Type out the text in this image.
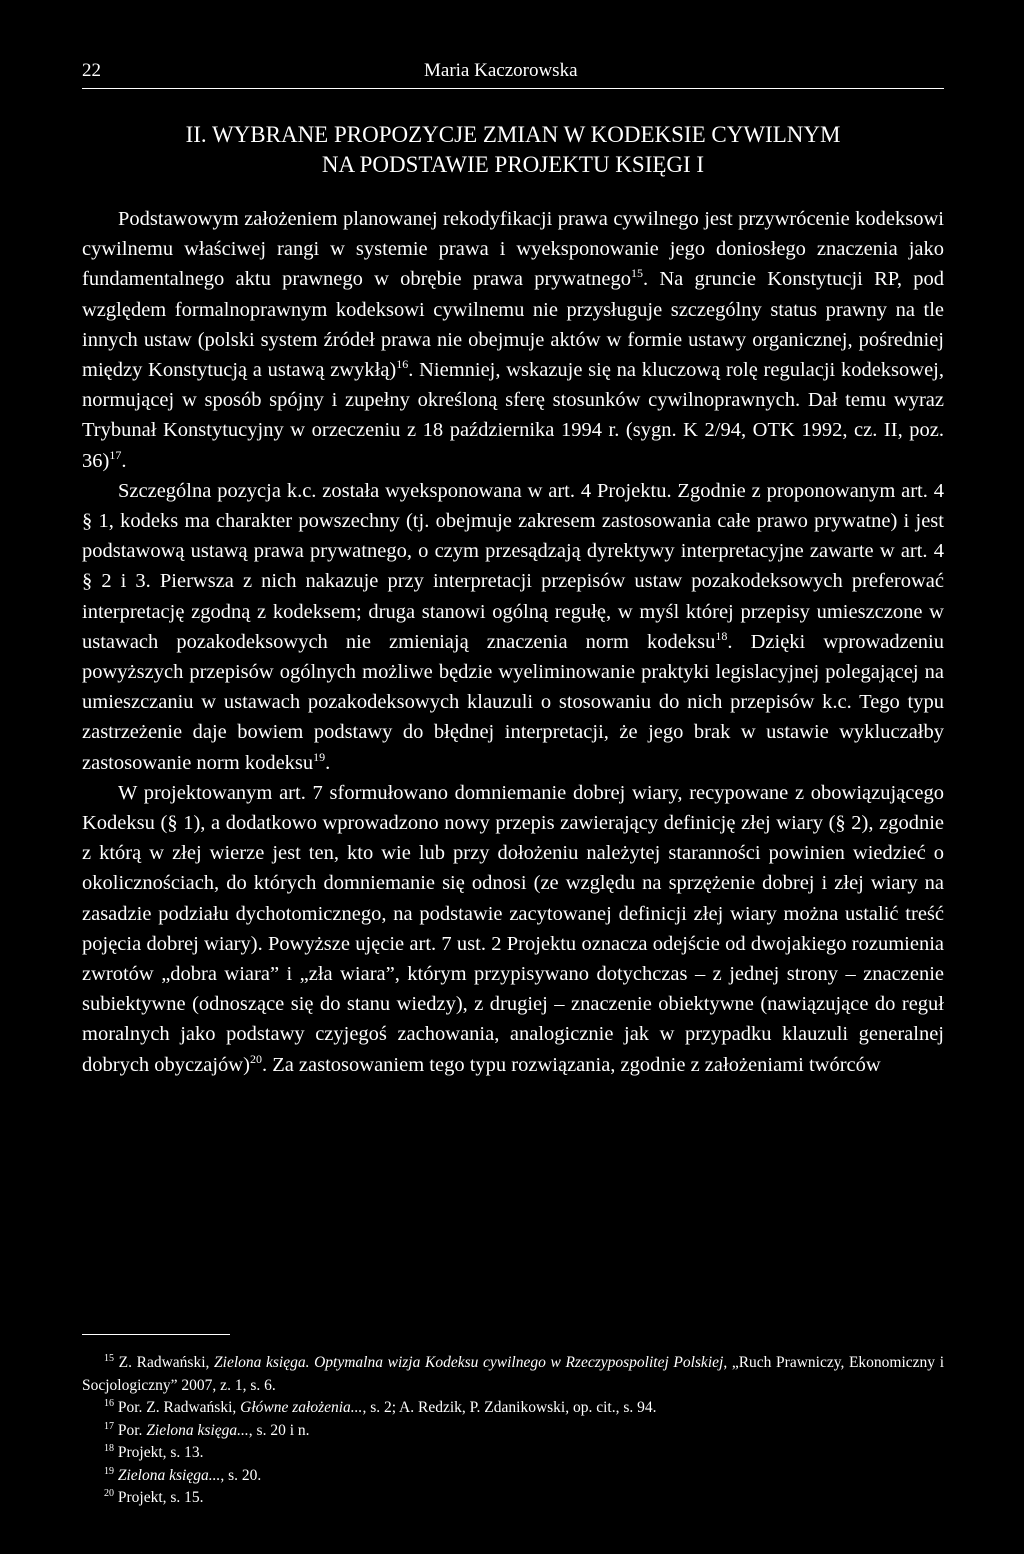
22	Maria Kaczorowska
II. WYBRANE PROPOZYCJE ZMIAN W KODEKSIE CYWILNYM
NA PODSTAWIE PROJEKTU KSIĘGI I

Podstawowym założeniem planowanej rekodyfikacji prawa cywilnego jest przywrócenie kodeksowi cywilnemu właściwej rangi w systemie prawa i wyeksponowanie jego doniosłego znaczenia jako fundamentalnego aktu prawnego w obrębie prawa prywatnego$^{15}$. Na gruncie Konstytucji RP, pod względem formalnoprawnym kodeksowi cywilnemu nie przysługuje szczególny status prawny na tle innych ustaw (polski system źródeł prawa nie obejmuje aktów w formie ustawy organicznej, pośredniej między Konstytucją a ustawą zwykłą)$^{16}$. Niemniej, wskazuje się na kluczową rolę regulacji kodeksowej, normującej w sposób spójny i zupełny określoną sferę stosunków cywilnoprawnych. Dał temu wyraz Trybunał Konstytucyjny w orzeczeniu z 18 października 1994 r. (sygn. K 2/94, OTK 1992, cz. II, poz. 36)$^{17}$.

Szczególna pozycja k.c. została wyeksponowana w art. 4 Projektu. Zgodnie z proponowanym art. 4 § 1, kodeks ma charakter powszechny (tj. obejmuje zakresem zastosowania całe prawo prywatne) i jest podstawową ustawą prawa prywatnego, o czym przesądzają dyrektywy interpretacyjne zawarte w art. 4 § 2 i 3. Pierwsza z nich nakazuje przy interpretacji przepisów ustaw pozakodeksowych preferować interpretację zgodną z kodeksem; druga stanowi ogólną regułę, w myśl której przepisy umieszczone w ustawach pozakodeksowych nie zmieniają znaczenia norm kodeksu$^{18}$. Dzięki wprowadzeniu powyższych przepisów ogólnych możliwe będzie wyeliminowanie praktyki legislacyjnej polegającej na umieszczaniu w ustawach pozakodeksowych klauzuli o stosowaniu do nich przepisów k.c. Tego typu zastrzeżenie daje bowiem podstawy do błędnej interpretacji, że jego brak w ustawie wykluczałby zastosowanie norm kodeksu$^{19}$.

W projektowanym art. 7 sformułowano domniemanie dobrej wiary, recypowane z obowiązującego Kodeksu (§ 1), a dodatkowo wprowadzono nowy przepis zawierający definicję złej wiary (§ 2), zgodnie z którą w złej wierze jest ten, kto wie lub przy dołożeniu należytej staranności powinien wiedzieć o okolicznościach, do których domniemanie się odnosi (ze względu na sprzężenie dobrej i złej wiary na zasadzie podziału dychotomicznego, na podstawie zacytowanej definicji złej wiary można ustalić treść pojęcia dobrej wiary). Powyższe ujęcie art. 7 ust. 2 Projektu oznacza odejście od dwojakiego rozumienia zwrotów „dobra wiara” i „zła wiara”, którym przypisywano dotychczas – z jednej strony – znaczenie subiektywne (odnoszące się do stanu wiedzy), z drugiej – znaczenie obiektywne (nawiązujące do reguł moralnych jako podstawy czyjegoś zachowania, analogicznie jak w przypadku klauzuli generalnej dobrych obyczajów)$^{20}$. Za zastosowaniem tego typu rozwiązania, zgodnie z założeniami twórców

$^{15}$ Z. Radwański, Zielona księga. Optymalna wizja Kodeksu cywilnego w Rzeczypospolitej Polskiej, „Ruch Prawniczy, Ekonomiczny i Socjologiczny” 2007, z. 1, s. 6.

$^{16}$ Por. Z. Radwański, Główne założenia..., s. 2; A. Redzik, P. Zdanikowski, op. cit., s. 94.

$^{17}$ Por. Zielona księga..., s. 20 i n.

$^{18}$ Projekt, s. 13.

$^{19}$ Zielona księga..., s. 20.

$^{20}$ Projekt, s. 15.
